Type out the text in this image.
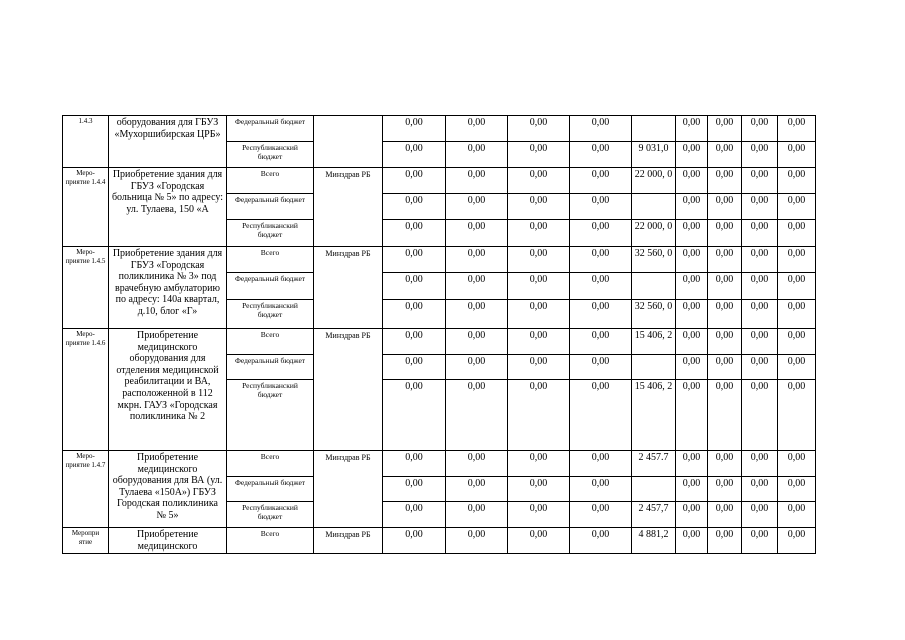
1.4.3	оборудования для ГБУЗ «Мухоршибирская ЦРБ»	Федеральный бюджет		0,00	0,00	0,00	0,00		0,00	0,00	0,00	0,00
		Республиканский бюджет		0,00	0,00	0,00	0,00	9 031,0	0,00	0,00	0,00	0,00
Меро-приятие 1.4.4	Приобретение здания для ГБУЗ «Городская больница № 5» по адресу: ул. Тулаева, 150 «А	Всего	Минздрав РБ	0,00	0,00	0,00	0,00	22 000, 0	0,00	0,00	0,00	0,00
		Федеральный бюджет		0,00	0,00	0,00	0,00		0,00	0,00	0,00	0,00
		Республиканский бюджет		0,00	0,00	0,00	0,00	22 000, 0	0,00	0,00	0,00	0,00
Меро-приятие 1.4.5	Приобретение здания для ГБУЗ «Городская поликлиника № 3» под врачебную амбулаторию по адресу: 140а квартал, д.10, блог «Г»	Всего	Минздрав РБ	0,00	0,00	0,00	0,00	32 560, 0	0,00	0,00	0,00	0,00
		Федеральный бюджет		0,00	0,00	0,00	0,00		0,00	0,00	0,00	0,00
		Республиканский бюджет		0,00	0,00	0,00	0,00	32 560, 0	0,00	0,00	0,00	0,00
Меро-приятие 1.4.6	Приобретение медицинского оборудования для отделения медицинской реабилитации и ВА, расположенной в 112 мкрн. ГАУЗ «Городская поликлиника № 2	Всего	Минздрав РБ	0,00	0,00	0,00	0,00	15 406, 2	0,00	0,00	0,00	0,00
		Федеральный бюджет		0,00	0,00	0,00	0,00		0,00	0,00	0,00	0,00
		Республиканский бюджет		0,00	0,00	0,00	0,00	15 406, 2	0,00	0,00	0,00	0,00
Меро-приятие 1.4.7	Приобретение медицинского оборудования для ВА (ул. Тулаева «150А») ГБУЗ Городская поликлиника № 5»	Всего	Минздрав РБ	0,00	0,00	0,00	0,00	2 457.7	0,00	0,00	0,00	0,00
		Федеральный бюджет		0,00	0,00	0,00	0,00		0,00	0,00	0,00	0,00
		Республиканский бюджет		0,00	0,00	0,00	0,00	2 457,7	0,00	0,00	0,00	0,00
Меропри ятие	Приобретение медицинского	Всего	Минздрав РБ	0,00	0,00	0,00	0,00	4 881,2	0,00	0,00	0,00	0,00
